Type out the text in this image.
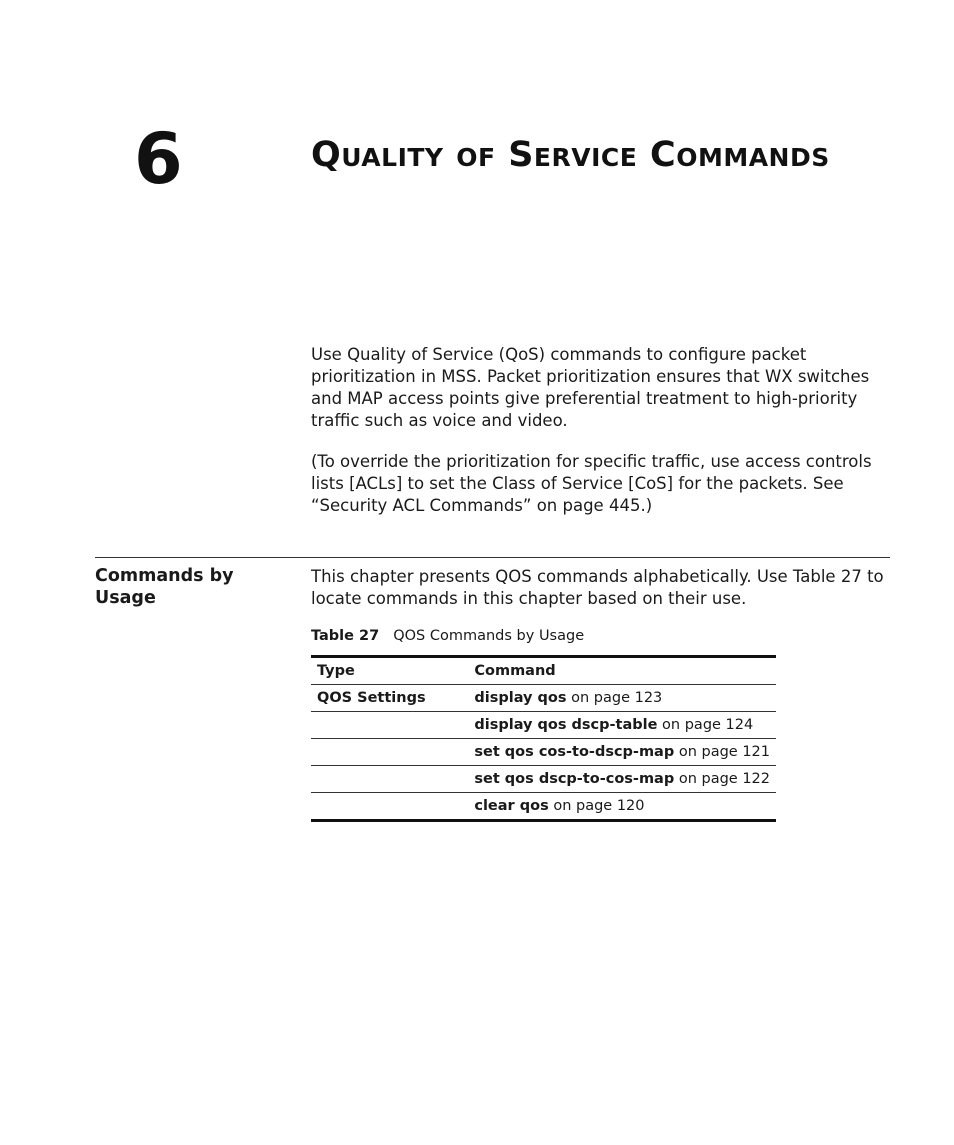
6	Quality of Service Commands

Use Quality of Service (QoS) commands to configure packet prioritization in MSS. Packet prioritization ensures that WX switches and MAP access points give preferential treatment to high-priority traffic such as voice and video.

(To override the prioritization for specific traffic, use access controls lists [ACLs] to set the Class of Service [CoS] for the packets. See “Security ACL Commands” on page 445.)

Commands by Usage

This chapter presents QOS commands alphabetically. Use Table 27 to locate commands in this chapter based on their use.

Table 27 QOS Commands by Usage
Type	Command
QOS Settings	display qos on page 123
	display qos dscp-table on page 124
	set qos cos-to-dscp-map on page 121
	set qos dscp-to-cos-map on page 122
	clear qos on page 120
